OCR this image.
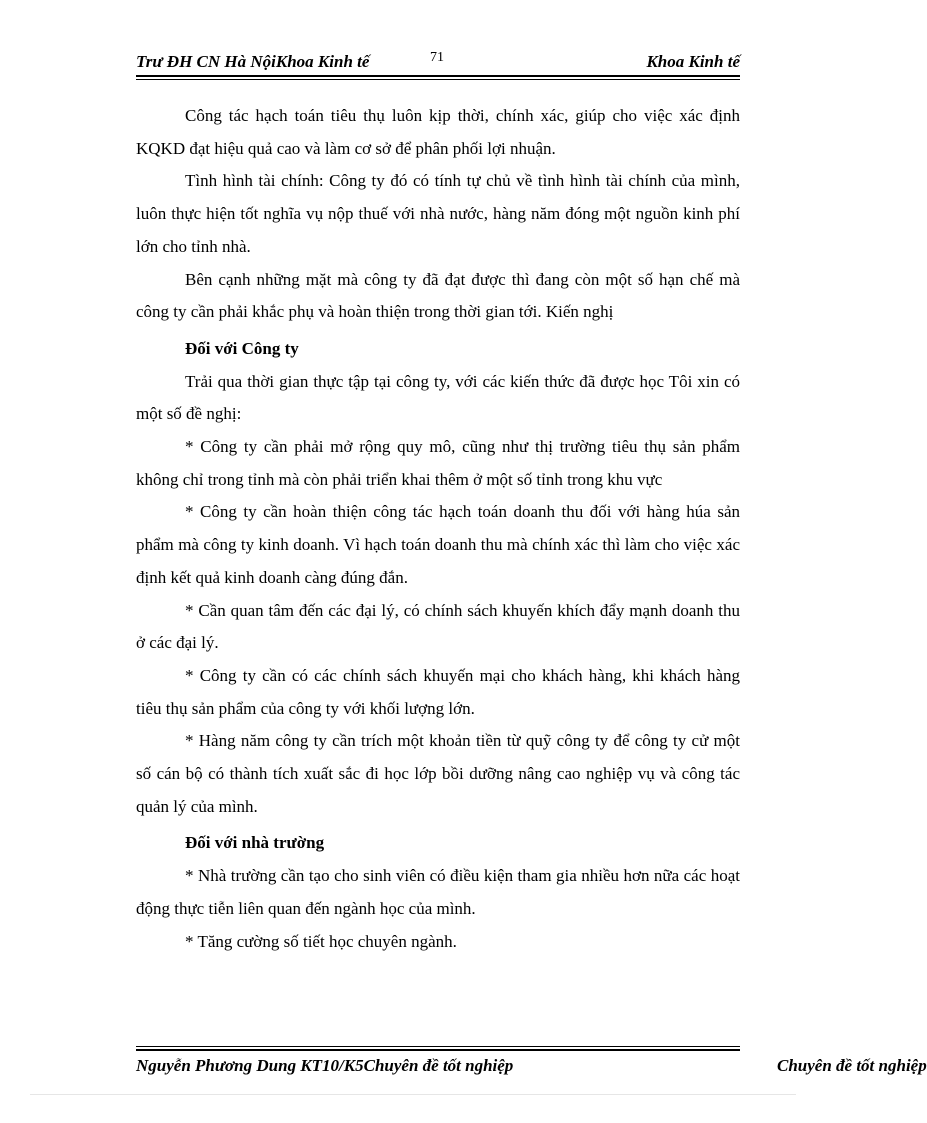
Trư ĐH CN Hà NộiKhoa Kinh tế	71	Khoa Kinh tế

Công tác hạch toán tiêu thụ luôn kịp thời, chính xác, giúp cho việc xác định KQKD đạt hiệu quả cao và làm cơ sở để phân phối lợi nhuận.

Tình hình tài chính: Công ty đó có tính tự chủ về tình hình tài chính của mình, luôn thực hiện tốt nghĩa vụ nộp thuế với nhà nước, hàng năm đóng một nguồn kinh phí lớn cho tỉnh nhà.

Bên cạnh những mặt mà công ty đã đạt được thì đang còn một số hạn chế mà công ty cần phải khắc phụ và hoàn thiện trong thời gian tới. Kiến nghị

Đối với Công ty

Trải qua thời gian thực tập tại công ty, với các kiến thức đã được học Tôi xin có một số đề nghị:

* Công ty cần phải mở rộng quy mô, cũng như thị trường tiêu thụ sản phẩm không chỉ trong tỉnh mà còn phải triển khai thêm ở một số tỉnh trong khu vực

* Công ty cần hoàn thiện công tác hạch toán doanh thu đối với hàng húa sản phẩm mà công ty kinh doanh. Vì hạch toán doanh thu mà chính xác thì làm cho việc xác định kết quả kinh doanh càng đúng đắn.

* Cần quan tâm đến các đại lý, có chính sách khuyến khích đẩy mạnh doanh thu ở các đại lý.

* Công ty cần có các chính sách khuyến mại cho khách hàng, khi khách hàng tiêu thụ sản phẩm của công ty với khối lượng lớn.

* Hàng năm công ty cần trích một khoản tiền từ quỹ công ty để công ty cử một số cán bộ có thành tích xuất sắc đi học lớp bồi dưỡng nâng cao nghiệp vụ và công tác quản lý của mình.

Đối với nhà trường

* Nhà trường cần tạo cho sinh viên có điều kiện tham gia nhiều hơn nữa các hoạt động thực tiễn liên quan đến ngành học của mình.

* Tăng cường số tiết học chuyên ngành.

Nguyễn Phương Dung KT10/K5Chuyên đề tốt nghiệp	Chuyên đề tốt nghiệp
